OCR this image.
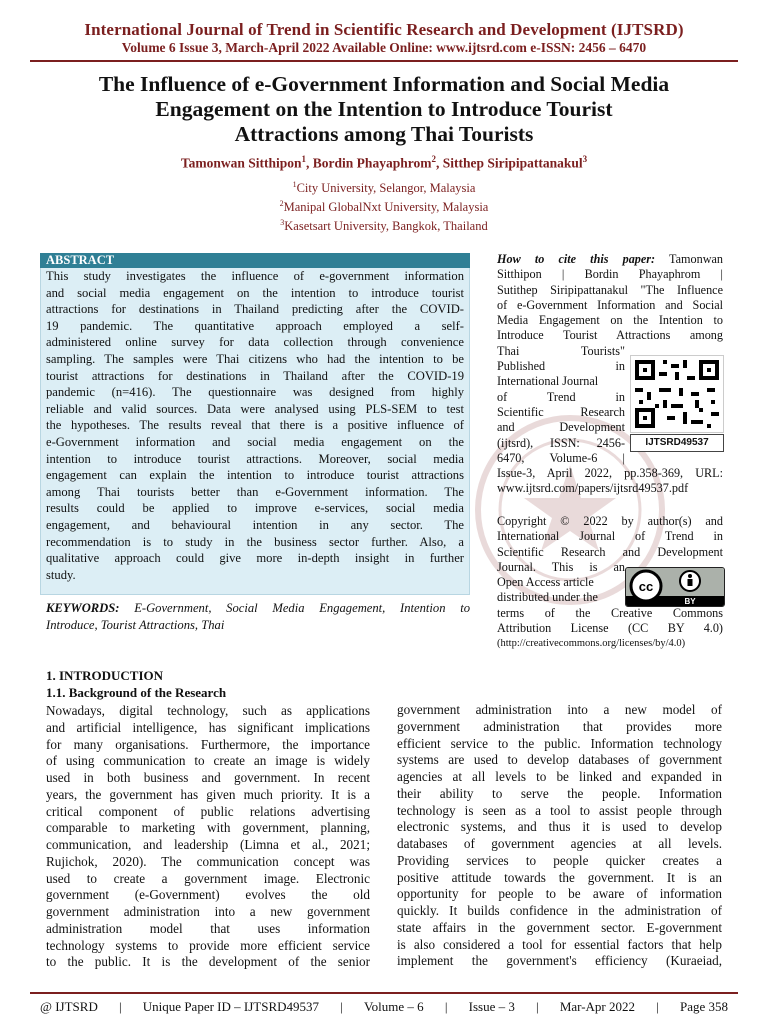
International Journal of Trend in Scientific Research and Development (IJTSRD)
Volume 6 Issue 3, March-April 2022 Available Online: www.ijtsrd.com e-ISSN: 2456 – 6470
The Influence of e-Government Information and Social Media
Engagement on the Intention to Introduce Tourist
Attractions among Thai Tourists
Tamonwan Sitthipon$^1$, Bordin Phayaphrom$^2$, Sitthep Siripipattanakul$^3$
$^1$City University, Selangor, Malaysia
$^2$Manipal GlobalNxt University, Malaysia
$^3$Kasetsart University, Bangkok, Thailand
ABSTRACT
This study investigates the influence of e-government information
and social media engagement on the intention to introduce tourist
attractions for destinations in Thailand predicting after the COVID-
19 pandemic. The quantitative approach employed a self-
administered online survey for data collection through convenience
sampling. The samples were Thai citizens who had the intention to be
tourist attractions for destinations in Thailand after the COVID-19
pandemic (n=416). The questionnaire was designed from highly
reliable and valid sources. Data were analysed using PLS-SEM to test
the hypotheses. The results reveal that there is a positive influence of
e-Government information and social media engagement on the
intention to introduce tourist attractions. Moreover, social media
engagement can explain the intention to introduce tourist attractions
among Thai tourists better than e-Government information. The
results could be applied to improve e-services, social media
engagement, and behavioural intention in any sector. The
recommendation is to study in the business sector further. Also, a
qualitative approach could give more in-depth insight in further
study.
KEYWORDS: E-Government, Social Media Engagement, Intention to
Introduce, Tourist Attractions, Thai
How to cite this paper: Tamonwan
Sitthipon | Bordin Phayaphrom |
Sutithep Siripipattanakul "The Influence
of e-Government Information and Social
Media Engagement on the Intention to
Introduce Tourist Attractions among
Thai Tourists"
Published in
International Journal
of Trend in
Scientific Research
and Development
(ijtsrd), ISSN: 2456-
6470, Volume-6 |
Issue-3, April 2022, pp.358-369, URL:
www.ijtsrd.com/papers/ijtsrd49537.pdf
IJTSRD49537
Copyright © 2022 by author(s) and
International Journal of Trend in
Scientific Research and Development
Journal. This is an
Open Access article
distributed under the
terms of the Creative Commons
Attribution License (CC BY 4.0)
(http://creativecommons.org/licenses/by/4.0)
cc
BY
1. INTRODUCTION
1.1. Background of the Research
Nowadays, digital technology, such as applications
and artificial intelligence, has significant implications
for many organisations. Furthermore, the importance
of using communication to create an image is widely
used in both business and government. In recent
years, the government has given much priority. It is a
critical component of public relations advertising
comparable to marketing with government, planning,
communication, and leadership (Limna et al., 2021;
Rujichok, 2020). The communication concept was
used to create a government image. Electronic
government (e-Government) evolves the old
government administration into a new government
administration model that uses information
technology systems to provide more efficient service
to the public. It is the development of the senior
government administration into a new model of
government administration that provides more
efficient service to the public. Information technology
systems are used to develop databases of government
agencies at all levels to be linked and expanded in
their ability to serve the people. Information
technology is seen as a tool to assist people through
electronic systems, and thus it is used to develop
databases of government agencies at all levels.
Providing services to people quicker creates a
positive attitude towards the government. It is an
opportunity for people to be aware of information
quickly. It builds confidence in the administration of
state affairs in the government sector. E-government
is also considered a tool for essential factors that help
implement the government's efficiency (Kuraeiad,
@ IJTSRD | Unique Paper ID – IJTSRD49537 | Volume – 6 | Issue – 3 | Mar-Apr 2022 | Page 358
